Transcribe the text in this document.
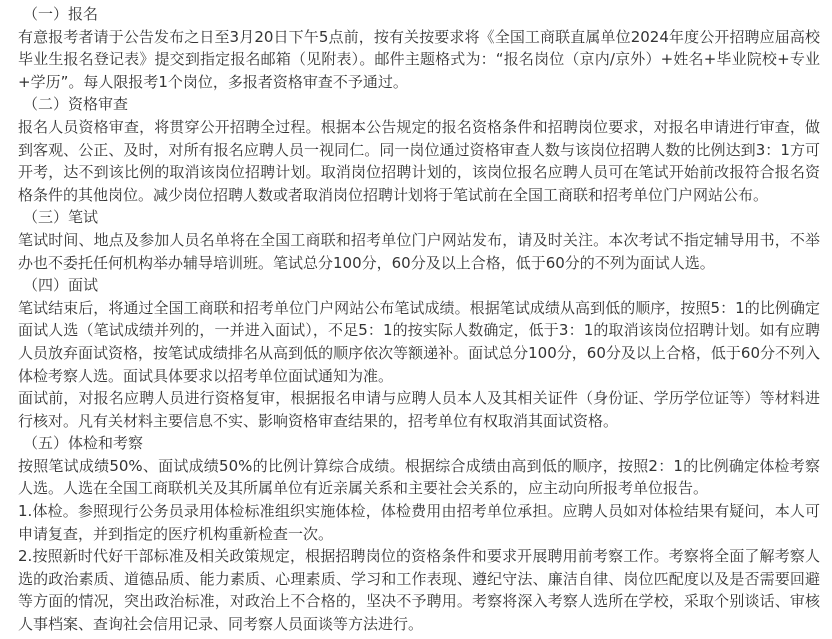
（一）报名

有意报考者请于公告发布之日至3月20日下午5点前，按有关按要求将《全国工商联直属单位2024年度公开招聘应届高校毕业生报名登记表》提交到指定报名邮箱（见附表）。邮件主题格式为：“报名岗位（京内/京外）+姓名+毕业院校+专业+学历”。每人限报考1个岗位，多报者资格审查不予通过。

（二）资格审查

报名人员资格审查，将贯穿公开招聘全过程。根据本公告规定的报名资格条件和招聘岗位要求，对报名申请进行审查，做到客观、公正、及时，对所有报名应聘人员一视同仁。同一岗位通过资格审查人数与该岗位招聘人数的比例达到3：1方可开考，达不到该比例的取消该岗位招聘计划。取消岗位招聘计划的，该岗位报名应聘人员可在笔试开始前改报符合报名资格条件的其他岗位。减少岗位招聘人数或者取消岗位招聘计划将于笔试前在全国工商联和招考单位门户网站公布。

（三）笔试

笔试时间、地点及参加人员名单将在全国工商联和招考单位门户网站发布，请及时关注。本次考试不指定辅导用书，不举办也不委托任何机构举办辅导培训班。笔试总分100分，60分及以上合格，低于60分的不列为面试人选。

（四）面试

笔试结束后，将通过全国工商联和招考单位门户网站公布笔试成绩。根据笔试成绩从高到低的顺序，按照5：1的比例确定面试人选（笔试成绩并列的，一并进入面试），不足5：1的按实际人数确定，低于3：1的取消该岗位招聘计划。如有应聘人员放弃面试资格，按笔试成绩排名从高到低的顺序依次等额递补。面试总分100分，60分及以上合格，低于60分不列入体检考察人选。面试具体要求以招考单位面试通知为准。

面试前，对报名应聘人员进行资格复审，根据报名申请与应聘人员本人及其相关证件（身份证、学历学位证等）等材料进行核对。凡有关材料主要信息不实、影响资格审查结果的，招考单位有权取消其面试资格。

（五）体检和考察

按照笔试成绩50%、面试成绩50%的比例计算综合成绩。根据综合成绩由高到低的顺序，按照2：1的比例确定体检考察人选。人选在全国工商联机关及其所属单位有近亲属关系和主要社会关系的，应主动向所报考单位报告。

1.体检。参照现行公务员录用体检标准组织实施体检，体检费用由招考单位承担。应聘人员如对体检结果有疑问，本人可申请复查，并到指定的医疗机构重新检查一次。

2.按照新时代好干部标准及相关政策规定，根据招聘岗位的资格条件和要求开展聘用前考察工作。考察将全面了解考察人选的政治素质、道德品质、能力素质、心理素质、学习和工作表现、遵纪守法、廉洁自律、岗位匹配度以及是否需要回避等方面的情况，突出政治标准，对政治上不合格的，坚决不予聘用。考察将深入考察人选所在学校，采取个别谈话、审核人事档案、查询社会信用记录、同考察人员面谈等方法进行。
